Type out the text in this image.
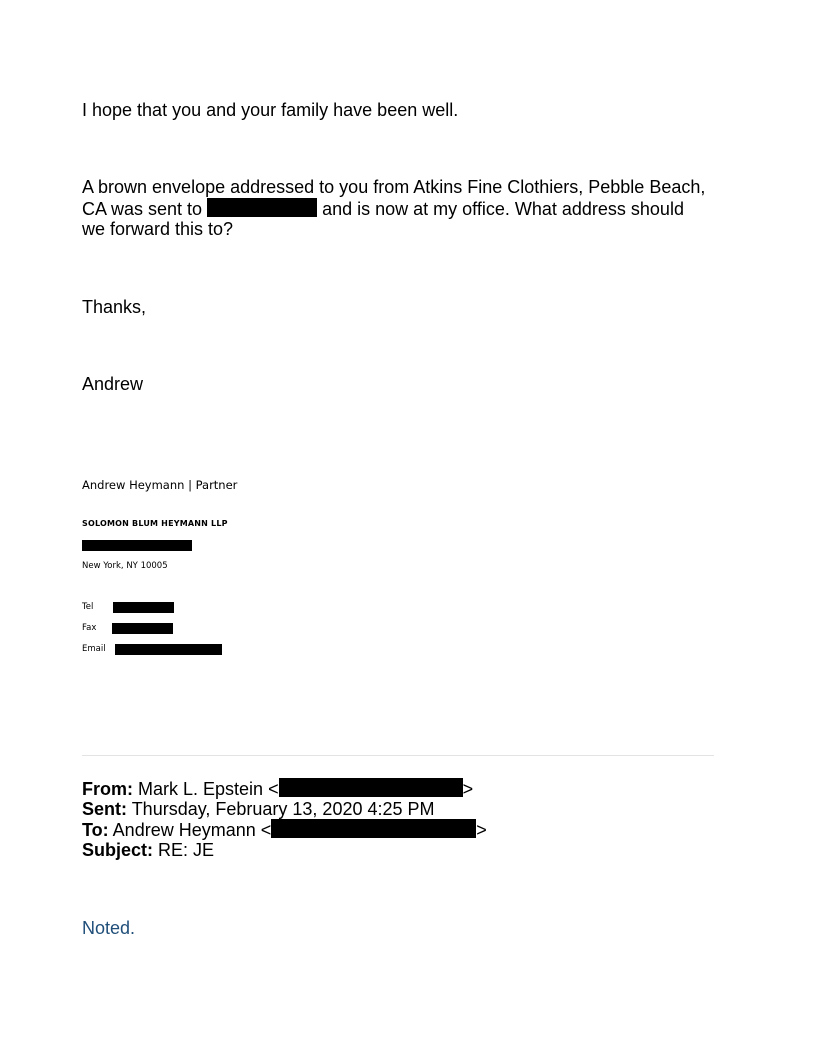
I hope that you and your family have been well.
A brown envelope addressed to you from Atkins Fine Clothiers, Pebble Beach,
CA was sent to	and is now at my office. What address should
we forward this to?
Thanks,
Andrew
Andrew Heymann | Partner
SOLOMON BLUM HEYMANN LLP
New York, NY 10005
Tel
Fax
Email
From: Mark L. Epstein <	>
Sent: Thursday, February 13, 2020 4:25 PM
To: Andrew Heymann <	>
Subject: RE: JE
Noted.
